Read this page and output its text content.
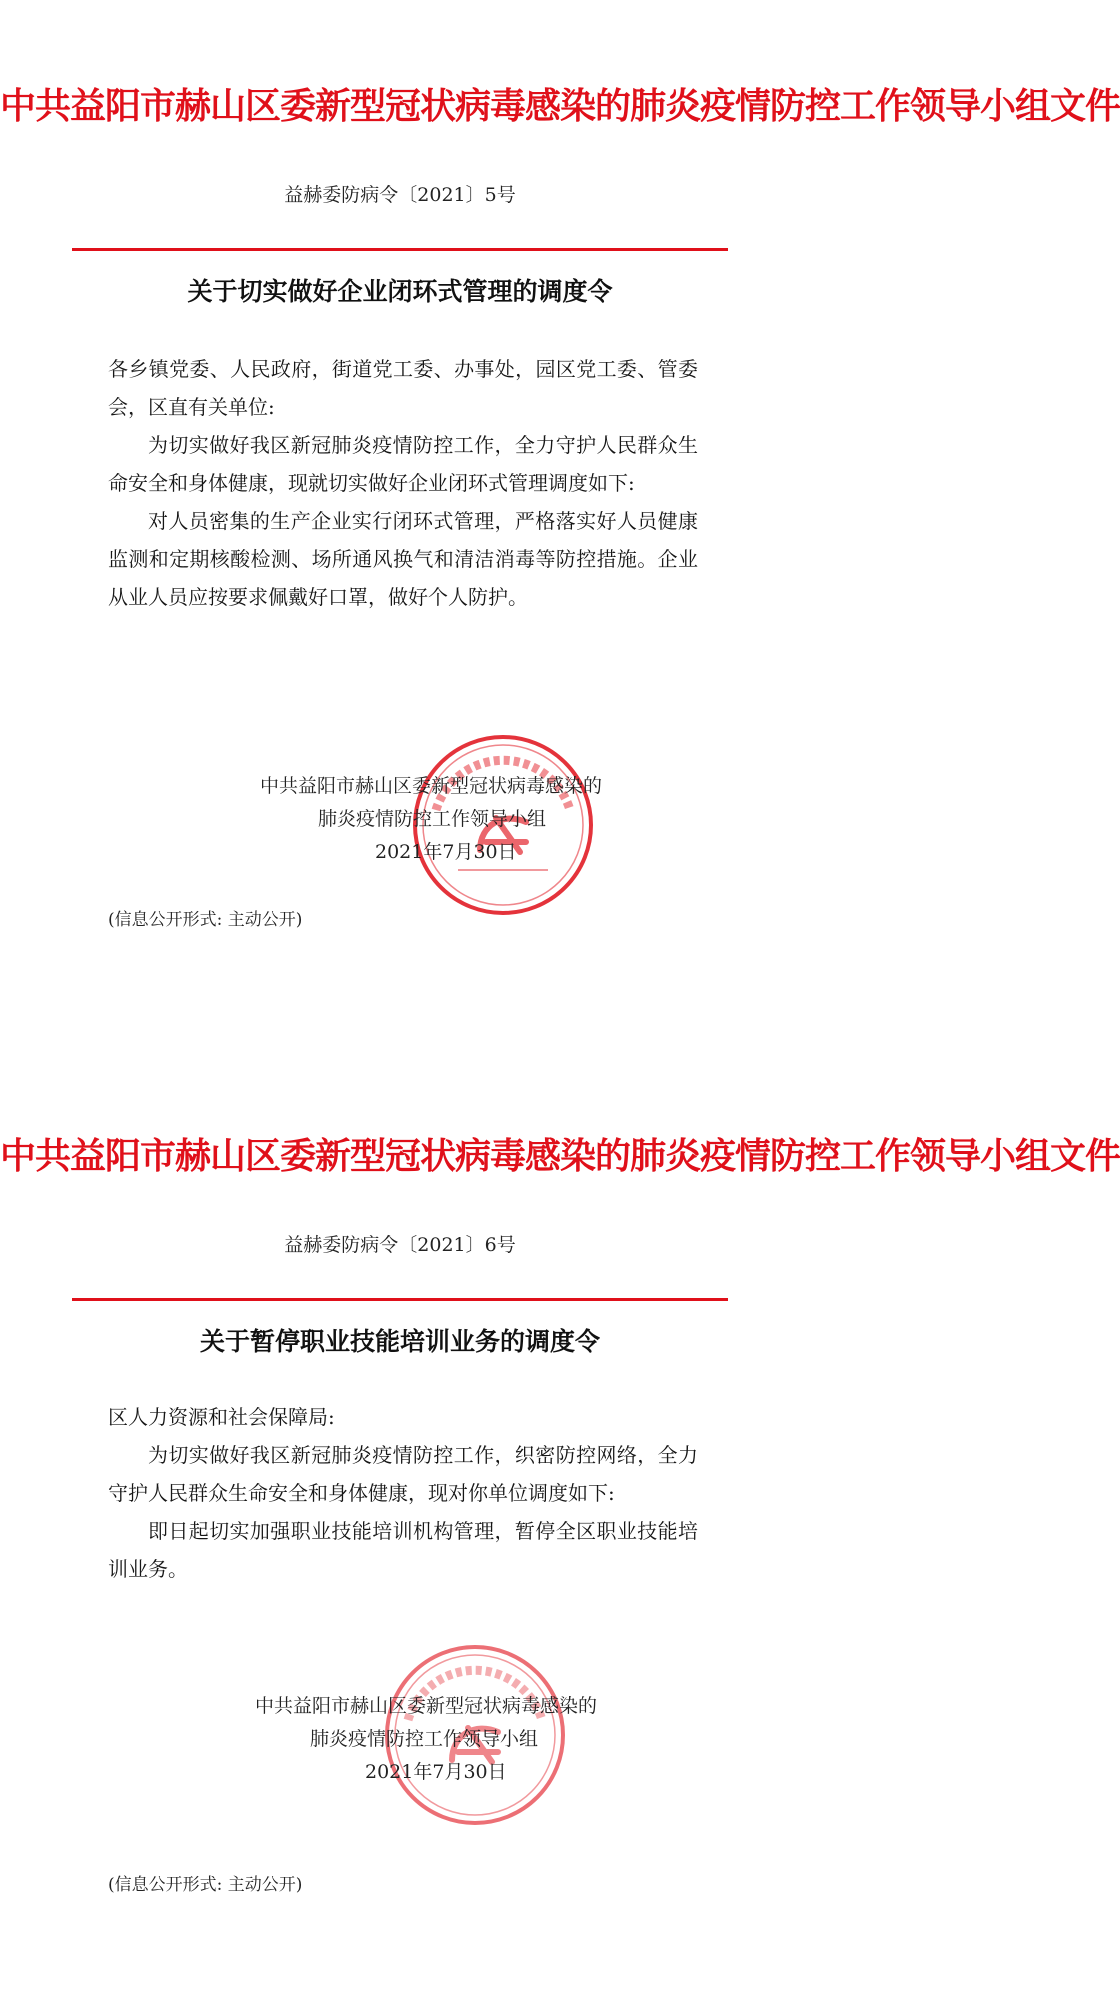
中共益阳市赫山区委新型冠状病毒感染的肺炎疫情防控工作领导小组文件
益赫委防病令〔2021〕5号
关于切实做好企业闭环式管理的调度令

各乡镇党委、人民政府，街道党工委、办事处，园区党工委、管委会，区直有关单位:

为切实做好我区新冠肺炎疫情防控工作，全力守护人民群众生命安全和身体健康，现就切实做好企业闭环式管理调度如下:

对人员密集的生产企业实行闭环式管理，严格落实好人员健康监测和定期核酸检测、场所通风换气和清洁消毒等防控措施。企业从业人员应按要求佩戴好口罩，做好个人防护。

中共益阳市赫山区委新型冠状病毒感染的
肺炎疫情防控工作领导小组
2021年7月30日
(信息公开形式: 主动公开)
中共益阳市赫山区委新型冠状病毒感染的肺炎疫情防控工作领导小组文件
益赫委防病令〔2021〕6号
关于暂停职业技能培训业务的调度令

区人力资源和社会保障局:

为切实做好我区新冠肺炎疫情防控工作，织密防控网络，全力守护人民群众生命安全和身体健康，现对你单位调度如下:

即日起切实加强职业技能培训机构管理，暂停全区职业技能培训业务。

中共益阳市赫山区委新型冠状病毒感染的
肺炎疫情防控工作领导小组
2021年7月30日
(信息公开形式: 主动公开)
